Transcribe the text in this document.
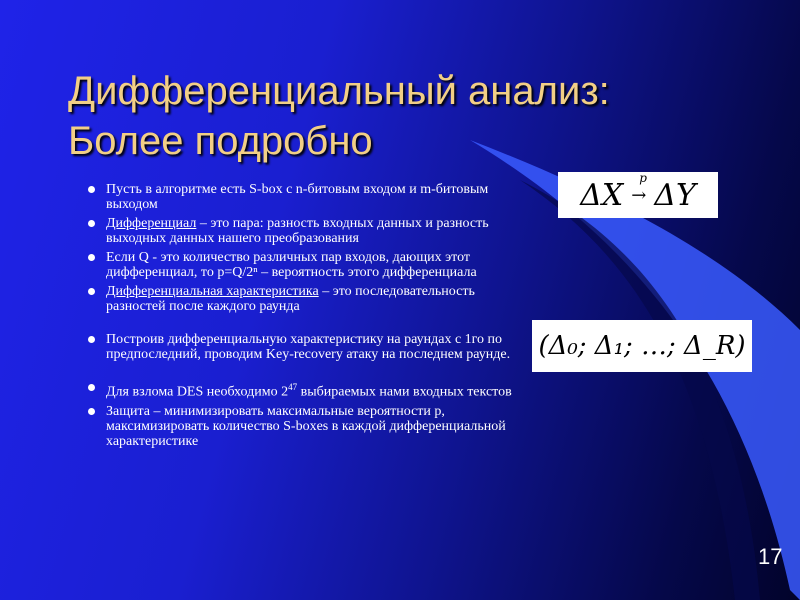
Дифференциальный анализ:
Более подробно
Пусть в алгоритме есть S-box с n-битовым входом и m-битовым выходом
Дифференциал – это пара: разность входных данных и разность выходных данных нашего преобразования
Если Q - это количество различных пар входов, дающих этот дифференциал, то p=Q/2ⁿ – вероятность этого дифференциала
Дифференциальная характеристика – это последовательность разностей после каждого раунда
Построив дифференциальную характеристику на раундах с 1го по предпоследний, проводим Key-recovery атаку на последнем раунде.
Для взлома DES необходимо $2^{47}$ выбираемых нами входных текстов
Защита – минимизировать максимальные вероятности p, максимизировать количество S-boxes в каждой дифференциальной характеристике
ΔX →
p ΔY
(Δ₀; Δ₁; …; Δ_R)
17
